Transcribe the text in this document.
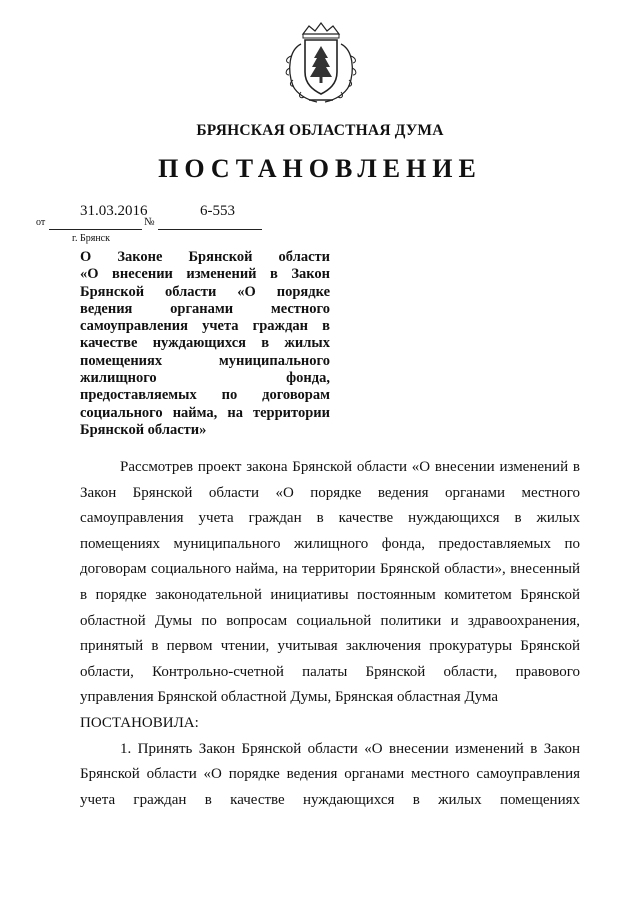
БРЯНСКАЯ ОБЛАСТНАЯ ДУМА
ПОСТАНОВЛЕНИЕ
31.03.2016	6-553
от	№
г. Брянск
О Законе Брянской области
«О внесении изменений в Закон
Брянской области «О порядке
ведения органами местного
самоуправления учета граждан в
качестве нуждающихся в жилых
помещениях муниципального
жилищного фонда,
предоставляемых по договорам
социального найма, на территории
Брянской области»
Рассмотрев проект закона Брянской области «О внесении изменений в
Закон Брянской области «О порядке ведения органами местного
самоуправления учета граждан в качестве нуждающихся в жилых
помещениях муниципального жилищного фонда, предоставляемых по
договорам социального найма, на территории Брянской области», внесенный
в порядке законодательной инициативы постоянным комитетом Брянской
областной Думы по вопросам социальной политики и здравоохранения,
принятый в первом чтении, учитывая заключения прокуратуры Брянской
области, Контрольно-счетной палаты Брянской области, правового
управления Брянской областной Думы, Брянская областная Дума
ПОСТАНОВИЛА:
1. Принять Закон Брянской области «О внесении изменений в Закон
Брянской области «О порядке ведения органами местного самоуправления
учета граждан в качестве нуждающихся в жилых помещениях
